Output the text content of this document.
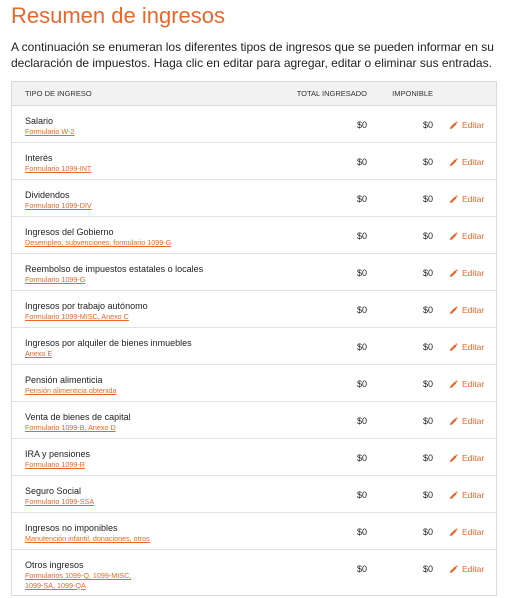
Resumen de ingresos

A continuación se enumeran los diferentes tipos de ingresos que se pueden informar en su declaración de impuestos. Haga clic en editar para agregar, editar o eliminar sus entradas.

TIPO DE INGRESO	TOTAL INGRESADO	IMPONIBLE
Salario
Formulario W-2
$0	$0	Editar
Interés
Formulario 1099-INT
$0	$0	Editar
Dividendos
Formulario 1099-DIV
$0	$0	Editar
Ingresos del Gobierno
Desempleo, subvenciones, formulario 1099-G
$0	$0	Editar
Reembolso de impuestos estatales o locales
Formulario 1099-G
$0	$0	Editar
Ingresos por trabajo autónomo
Formulario 1099-MISC, Anexo C
$0	$0	Editar
Ingresos por alquiler de bienes inmuebles
Anexo E
$0	$0	Editar
Pensión alimenticia
Pensión alimenticia obtenida
$0	$0	Editar
Venta de bienes de capital
Formulario 1099-B, Anexo D
$0	$0	Editar
IRA y pensiones
Formulario 1099-R
$0	$0	Editar
Seguro Social
Formulario 1099-SSA
$0	$0	Editar
Ingresos no imponibles
Manutención infantil, donaciones, otros
$0	$0	Editar
Otros ingresos
Formularios 1099-Q, 1099-MISC,
1099-SA, 1099-QA
$0	$0	Editar
